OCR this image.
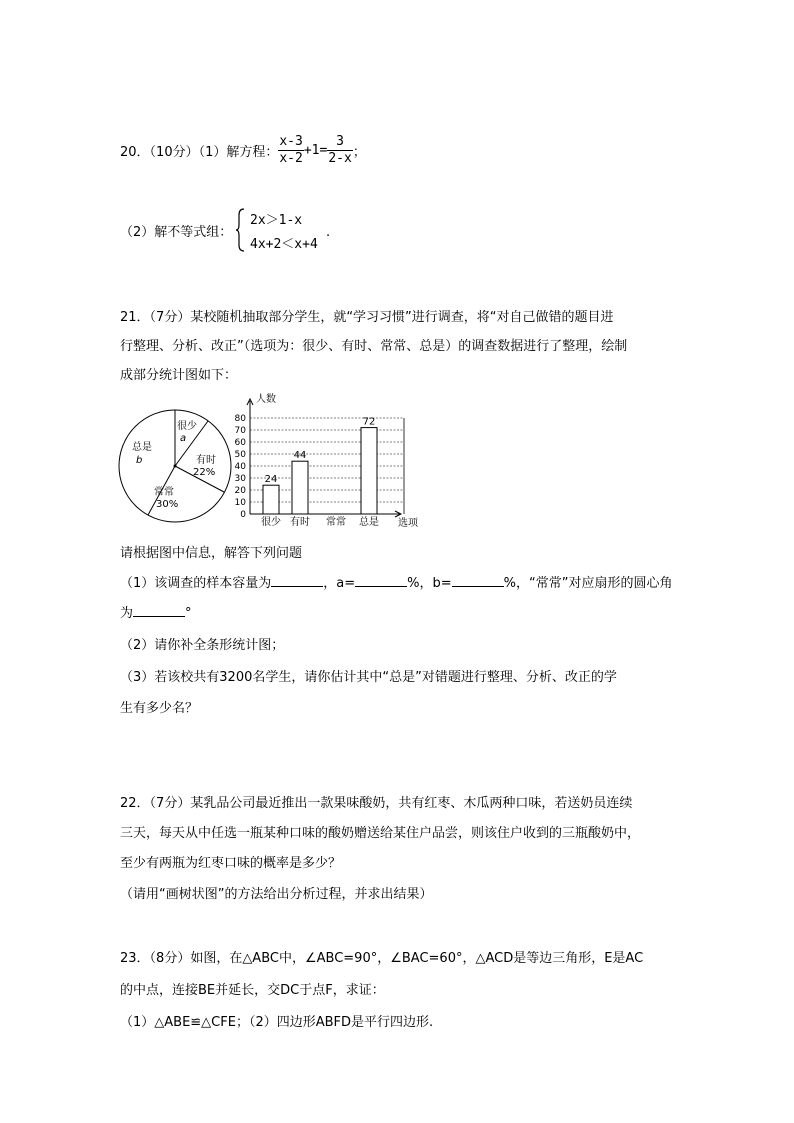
20．（10分）（1）解方程： $\frac{x-3}{x-2} +1= \frac{3}{2-x}$ ；
（2）解不等式组：
2x＞1-x
4x+2＜x+4
.
21．（7分）某校随机抽取部分学生，就“学习习惯”进行调查，将“对自己做错的题目进
行整理、分析、改正”（选项为：很少、有时、常常、总是）的调查数据进行了整理，绘制
成部分统计图如下：
很少
a
有时
22%
常常
30%
总是
b
人数
选项
0
10
20
30
40
50
60
70
80
24
44
72
很少 有时 常常 总是
请根据图中信息，解答下列问题
（1）该调查的样本容量为	，a=	%，b=	%，“常常”对应扇形的圆心角
为	°
（2）请你补全条形统计图；
（3）若该校共有3200名学生，请你估计其中“总是”对错题进行整理、分析、改正的学
生有多少名？
22．（7分）某乳品公司最近推出一款果味酸奶，共有红枣、木瓜两种口味，若送奶员连续
三天，每天从中任选一瓶某种口味的酸奶赠送给某住户品尝，则该住户收到的三瓶酸奶中，
至少有两瓶为红枣口味的概率是多少？
（请用“画树状图”的方法给出分析过程，并求出结果）
23．（8分）如图，在△ABC中，∠ABC=90°，∠BAC=60°，△ACD是等边三角形，E是AC
的中点，连接BE并延长，交DC于点F，求证：
（1）△ABE≌△CFE；（2）四边形ABFD是平行四边形.
